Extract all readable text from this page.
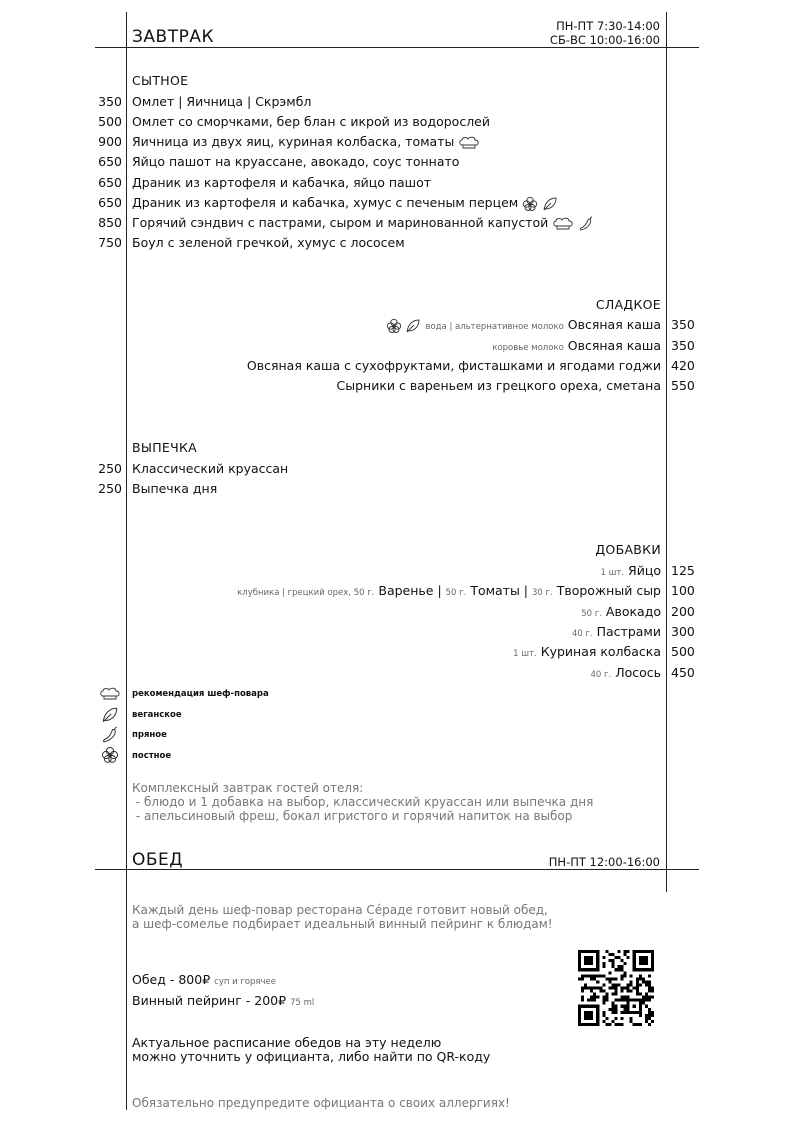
ЗАВТРАК
ПН-ПТ 7:30-14:00
СБ-ВС 10:00-16:00
СЫТНОЕ
350 Омлет | Яичница | Скрэмбл
500 Омлет со сморчками, бер блан с икрой из водорослей
900 Яичница из двух яиц, куриная колбаска, томаты
650 Яйцо пашот на круассане, авокадо, соус тоннато
650 Драник из картофеля и кабачка, яйцо пашот
650 Драник из картофеля и кабачка, хумус с печеным перцем

850 Горячий сэндвич с пастрами, сыром и маринованной капустой

750 Боул с зеленой гречкой, хумус с лососем
СЛАДКОЕ

вода | альтернативное молоко Овсяная каша 350
коровье молоко Овсяная каша 350
Овсяная каша с сухофруктами, фисташками и ягодами годжи 420
Сырники с вареньем из грецкого ореха, сметана 550
ВЫПЕЧКА
250 Классический круассан
250 Выпечка дня
ДОБАВКИ
1 шт. Яйцо 125
клубника | грецкий орех, 50 г. Варенье | 50 г. Томаты | 30 г. Творожный сыр 100
50 г. Авокадо 200
40 г. Пастрами 300
1 шт. Куриная колбаска 500
40 г. Лосось 450
рекомендация шеф-повара
веганское
пряное
постное
Комплексный завтрак гостей отеля:
- блюдо и 1 добавка на выбор, классический круассан или выпечка дня
- апельсиновый фреш, бокал игристого и горячий напиток на выбор
ОБЕД	ПН-ПТ 12:00-16:00
Каждый день шеф-повар ресторана Сéраде готовит новый обед,
а шеф-сомелье подбирает идеальный винный пейринг к блюдам!
Обед - 800₽ суп и горячее
Винный пейринг - 200₽ 75 ml
Актуальное расписание обедов на эту неделю
можно уточнить у официанта, либо найти по QR-коду
Обязательно предупредите официанта о своих аллергиях!
